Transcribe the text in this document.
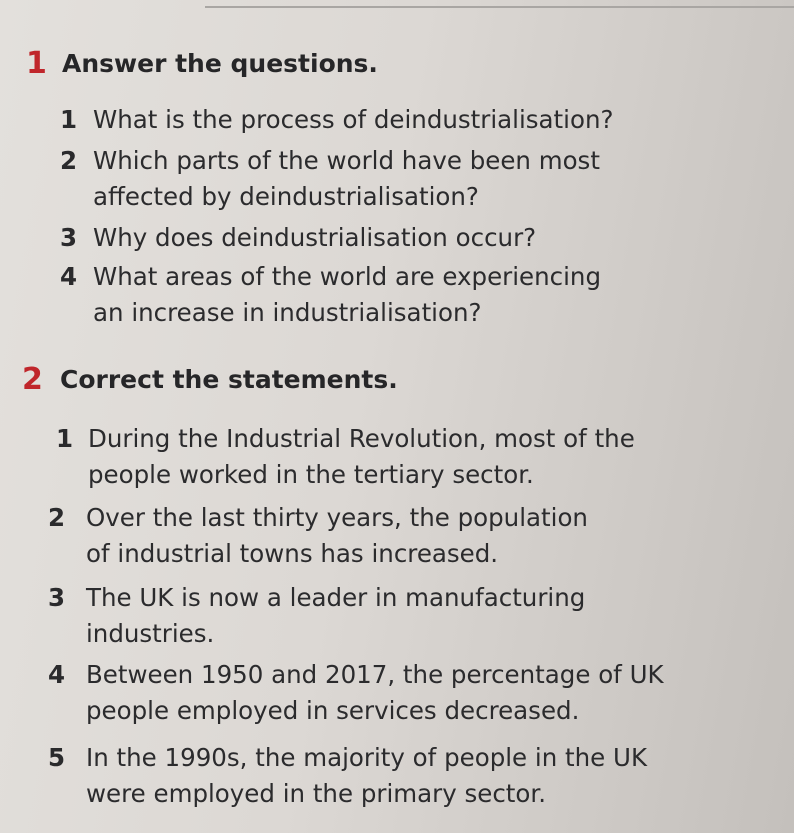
1 Answer the questions.
1 What is the process of deindustrialisation?
2 Which parts of the world have been most
affected by deindustrialisation?
3 Why does deindustrialisation occur?
4 What areas of the world are experiencing
an increase in industrialisation?
2 Correct the statements.
1 During the Industrial Revolution, most of the
people worked in the tertiary sector.
2 Over the last thirty years, the population
of industrial towns has increased.
3 The UK is now a leader in manufacturing
industries.
4 Between 1950 and 2017, the percentage of UK
people employed in services decreased.
5 In the 1990s, the majority of people in the UK
were employed in the primary sector.
